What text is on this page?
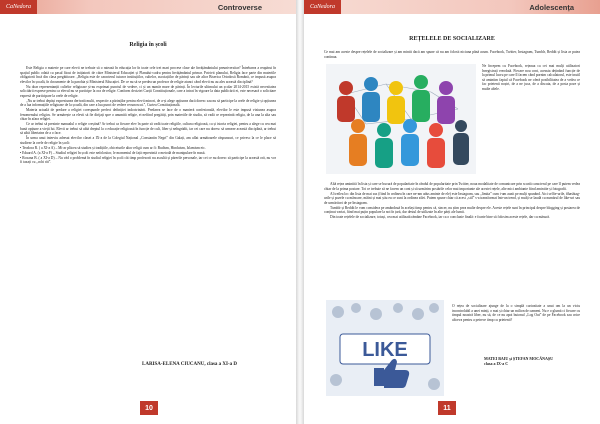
CaNedora	Controverse
Religia în școli

Este Religia o materie pe care elevii ne trebuie să o ratează în educația lor în toate cele trei mari procese clase ale învățământului preuniversitar? Întrebarea a reapărut în spațiul public odată cu pasul făcut de inițiatorii de către Ministerul Educației și Planului-cadru pentru învățământul primar. Potrivit planului, Religia face parte din materiile obligatorii încă din clasa pregătitoare. „Religia este de caracterul tuturor instituțiilor, cultelor, asociațiilor de părinți sau ale altor Biserica Ortodoxă Română, ce impusă asupra elevilor în școală, în documente de la parohia și Ministerul Educației. De ce nu să se predea un profesor de religie atunci când elevii nu au ales această disciplină?

Nu doar reprezentanții cultelor religioase și-au exprimat punctul de vedere, ci și un număr mare de părinți. În lecturile ultimului an școlar 2014-2015 există necesitatea solicitării exprese pentru ca elevul nu se participe la ora de religie. Conform deciziei Curții Constituționale, care a intrat în vigoare la data publicării ei, este necesară o solicitare expresă de participare la orele de religie.

„Nu ar trebui depăși expresiunea derivată multi, respectiv a părinților pentru elevii minori, de a-și alege opțiunea dacă doresc sau nu să participe la orele de religie și opțiunea de a lua informațiile religioase de la școală, din care a lua punct de vedere recunoscut.”, Curtea Constituțională.

Materia actuală de predare a religiei corespunde perfect definiției indoctrinării. Predarea se face de o manieră confesională, elevilor le este impusă viziunea asupra fenomenului religios. Se urmărește ca elevii să fie dirijați spre o anumită religie, ei nefiind pregătiți, prin materiile de studiu, să vadă ce reprezintă religia, de la una la alta sau chiar în afara religiei.

Ce ar trebui să prezinte manualul o religie creștină? Ar trebui ca fiecare elev în parte să vadă toate religiile, cultura religioasă, ca și istoria religiei, pentru a alege cu cea mai bună opțiune a vieții lui. Elevii ar trebui să aibă dreptul la o educație religioasă în funcție de cult, liber și neîngrădit, iar cei care nu doresc să urmeze această disciplină, ar trebui să aibă libertatea de a o face.

În urma unui interviu adresat elevilor clasei a IX-a de la Colegiul Național „Constantin Negri” din Galați, am aflat următoarele răspunsuri, ce privesc la ce le place să studieze la orele de religie în școli:

• Teodora R. ( a XI-a A) – Mi-ar plăcea să studiez și tradițiile, obiceiurile altor religii cum ar fi: Budism, Hinduism, Islamism etc.

• Eduard A. (a XI-a F) – Studiul religiei în școli este nefolositor, le momentul de față reprezintă o metodă de manipulare în masă.

• Roxana B. ( a XI-a D) – Nu văd o problemă în studiul religiei în școli cât timp profesorii nu ascultă și părerile personale, iar cei ce nu doresc să participe la această oră, nu vor fi taxați cu „ochi răi”.

LARISA-ELENA CIUCANU, clasa a XI-a D
10
CaNedora	Adolescența
REȚELELE DE SOCIALIZARE
Ce mai am aceste despre rețelele de socializare și am mintit dacă am spune că nu am folosit niciuna până acum. Facebook, Twitter, Instagram, Tumblr, Reddit și lista ar putea continua.
Ne începem cu Facebook, rețeaua ca cei mai mulți utilizatori înregistrați vreodată. Fiecare nou cont, aceasta deținând funcție de la primul lucru pe care îl facem când pornim calculatorul, este inutil să amintim faptul că Facebook ne oferă posibilitatea de a vedea ce fac prietenii noștri, de a ne juca, de a discuta, de a posta poze și multe altele.

Altă rețea amintită în lista și care se bucură de popularitate în rândul de popularitate prin Twitter, noua modalitate de comunicare prin scurtă caracterul pe care îl putem vedea chiar de la prima postare. Tot ce trebuie să ne facem un cont și să urmărim postările celor mai importante ale acestei rețele, alte mici ambiante fiind amintite și fotografii.

Al treilea loc din lista de mai sus (fiind în ordinea în care ne-am adus aminte de ele) este Instagram, sau „limita” cum i-am auzit pe mulți spunând. Aici selfie-urile, #hashtag-urile și pozele cu mâncare, mâini și mai știu eu ce sunt la ordinea zilei. Putem spune chiar că acest „stil” s-a transformat într-un trend, și mulți se laudă cu numărul de like-uri sau de urmăritori de pe Instagram.

Tumblr și Reddit le vom considera pe amândouă în același timp pentru că, sincer, nu știm prea multe despre ele. Aceste rețele sunt în principal despre blogging și postarea de conținut variat, fiind mai puțin populare la noi în țară, dar destul de utilizate în alte părți ale lumii.

Din toate rețelele de socializare, totuși, cea mai utilizată rămâne Facebook, iar ca o concluzie finală: e foarte bine să folosim aceste rețele, dar cu măsură.

LIKE
O rețea de socializare ajunge de la o simplă curiozitate a unui om la un viciu incontrolabil a unei minți, o mai și chiar un milion de oameni. Nu e o glumă ci fiecare cu timpul noastră liber, nu să, de ce nu apoi butonul „Log Out” de pe Facebook sau orice altceva pentru a petrece timp cu prietenii?
MATEI BAIU și ȘTEFAN MOCĂNAȘU
clasa a IX-a C
11
